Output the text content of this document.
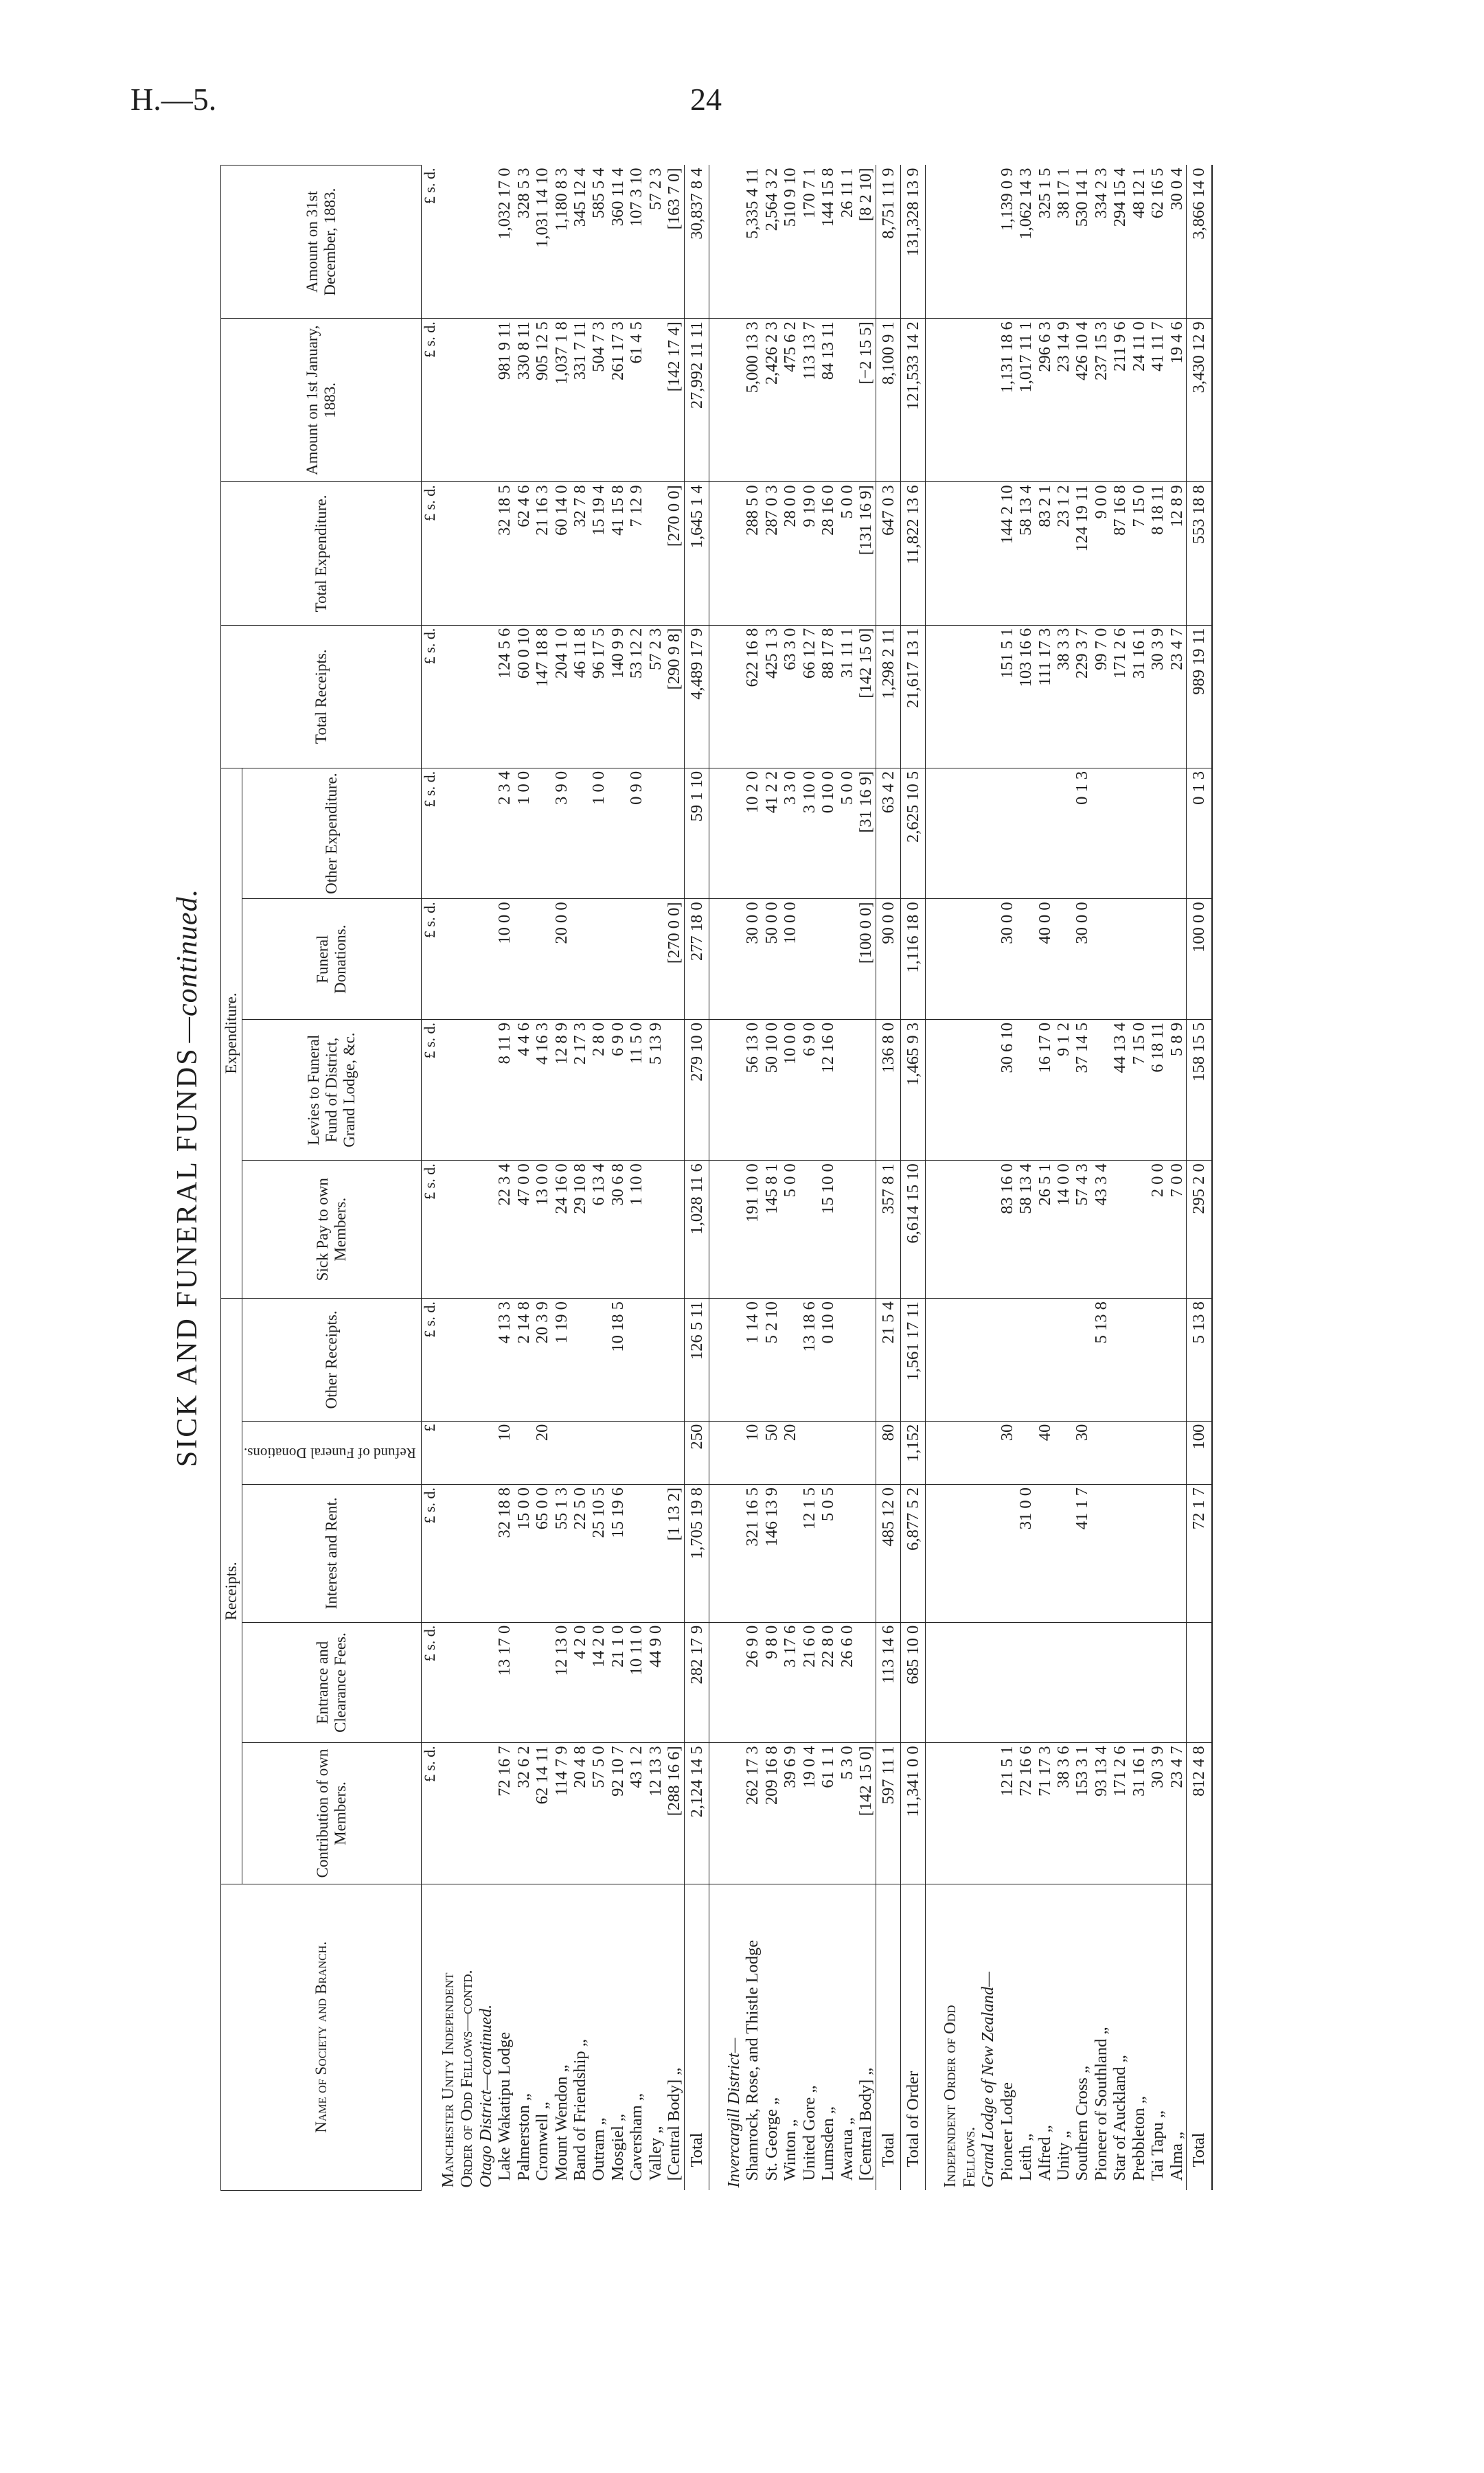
H.—5.	24
SICK AND FUNERAL FUNDS
—continued.
Name of Society and Branch.	Receipts.					Expenditure.				Total Receipts.	Total Expenditure.	Amount on 1st January, 1883.	Amount on 31st December, 1883.
	Contribution of own Members.	Entrance and Clearance Fees.	Interest and Rent.	Refund of Funeral Donations.	Other Receipts.	Sick Pay to own Members.	Levies to Funeral Fund of District, Grand Lodge, &c.	Funeral Donations.	Other Expenditure.				
	£ s. d.	£ s. d.	£ s. d.	£	£ s. d.	£ s. d.	£ s. d.	£ s. d.	£ s. d.	£ s. d.	£ s. d.	£ s. d.	£ s. d.
Manchester Unity Independent													
Order of Odd Fellows—contd.													
Otago District—continued.													
Lake Wakatipu Lodge	72 16 7	13 17 0	32 18 8	10	4 13 3	22 3 4	8 11 9	10 0 0	2 3 4	124 5 6	32 18 5	981 9 11	1,032 17 0
Palmerston „	32 6 2		15 0 0		2 14 8	47 0 0	4 4 6		1 0 0	60 0 10	62 4 6	330 8 11	328 5 3
Cromwell „	62 14 11		65 0 0	20	20 3 9	13 0 0	4 16 3			147 18 8	21 16 3	905 12 5	1,031 14 10
Mount Wendon „	114 7 9	12 13 0	55 1 3		1 19 0	24 16 0	12 8 9	20 0 0	3 9 0	204 1 0	60 14 0	1,037 1 8	1,180 8 3
Band of Friendship „	20 4 8	4 2 0	22 5 0			29 10 8	2 17 3			46 11 8	32 7 8	331 7 11	345 12 4
Outram „	57 5 0	14 2 0	25 10 5			6 13 4	2 8 0		1 0 0	96 17 5	15 19 4	504 7 3	585 5 4
Mosgiel „	92 10 7	21 1 0	15 19 6		10 18 5	30 6 8	6 9 0			140 9 9	41 15 8	261 17 3	360 11 4
Caversham „	43 1 2	10 11 0				1 10 0	11 5 0		0 9 0	53 12 2	7 12 9	61 4 5	107 3 10
Valley „	12 13 3	44 9 0					5 13 9			57 2 3			57 2 3
[Central Body] „	[288 16 6]		[1 13 2]					[270 0 0]		[290 9 8]	[270 0 0]	[142 17 4]	[163 7 0]
Total	2,124 14 5	282 17 9	1,705 19 8	250	126 5 11	1,028 11 6	279 10 0	277 18 0	59 1 10	4,489 17 9	1,645 1 4	27,992 11 11	30,837 8 4

Invercargill District—													
Shamrock, Rose, and Thistle Lodge	262 17 3	26 9 0	321 16 5	10	1 14 0	191 10 0	56 13 0	30 0 0	10 2 0	622 16 8	288 5 0	5,000 13 3	5,335 4 11
St. George „	209 16 8	9 8 0	146 13 9	50	5 2 10	145 8 1	50 10 0	50 0 0	41 2 2	425 1 3	287 0 3	2,426 2 3	2,564 3 2
Winton „	39 6 9	3 17 6		20		5 0 0	10 0 0	10 0 0	3 3 0	63 3 0	28 0 0	475 6 2	510 9 10
United Gore „	19 0 4	21 6 0	12 1 5		13 18 6		6 9 0		3 10 0	66 12 7	9 19 0	113 13 7	170 7 1
Lumsden „	61 1 1	22 8 0	5 0 5		0 10 0	15 10 0	12 16 0		0 10 0	88 17 8	28 16 0	84 13 11	144 15 8
Awarua „	5 3 0	26 6 0							5 0 0	31 11 1	5 0 0		26 11 1
[Central Body] „	[142 15 0]							[100 0 0]	[31 16 9]	[142 15 0]	[131 16 9]	[−2 15 5]	[8 2 10]
Total	597 11 1	113 14 6	485 12 0	80	21 5 4	357 8 1	136 8 0	90 0 0	63 4 2	1,298 2 11	647 0 3	8,100 9 1	8,751 11 9
Total of Order	11,341 0 0	685 10 0	6,877 5 2	1,152	1,561 17 11	6,614 15 10	1,465 9 3	1,116 18 0	2,625 10 5	21,617 13 1	11,822 13 6	121,533 14 2	131,328 13 9

Independent Order of Odd													
Fellows.													
Grand Lodge of New Zealand—													
Pioneer Lodge	121 5 1			30		83 16 0	30 6 10	30 0 0		151 5 1	144 2 10	1,131 18 6	1,139 0 9
Leith „	72 16 6		31 0 0			58 13 4				103 16 6	58 13 4	1,017 11 1	1,062 14 3
Alfred „	71 17 3			40		26 5 1	16 17 0	40 0 0		111 17 3	83 2 1	296 6 3	325 1 5
Unity „	38 3 6					14 0 0	9 1 2			38 3 3	23 1 2	23 14 9	38 17 1
Southern Cross „	153 3 1		41 1 7	30		57 4 3	37 14 5	30 0 0	0 1 3	229 3 7	124 19 11	426 10 4	530 14 1
Pioneer of Southland „	93 13 4				5 13 8	43 3 4				99 7 0	9 0 0	237 15 3	334 2 3
Star of Auckland „	171 2 6						44 13 4			171 2 6	87 16 8	211 9 6	294 15 4
Prebbleton „	31 16 1						7 15 0			31 16 1	7 15 0	24 11 0	48 12 1
Tai Tapu „	30 3 9					2 0 0	6 18 11			30 3 9	8 18 11	41 11 7	62 16 5
Alma „	23 4 7					7 0 0	5 8 9			23 4 7	12 8 9	19 4 6	30 0 4
Total	812 4 8		72 1 7	100	5 13 8	295 2 0	158 15 5	100 0 0	0 1 3	989 19 11	553 18 8	3,430 12 9	3,866 14 0
